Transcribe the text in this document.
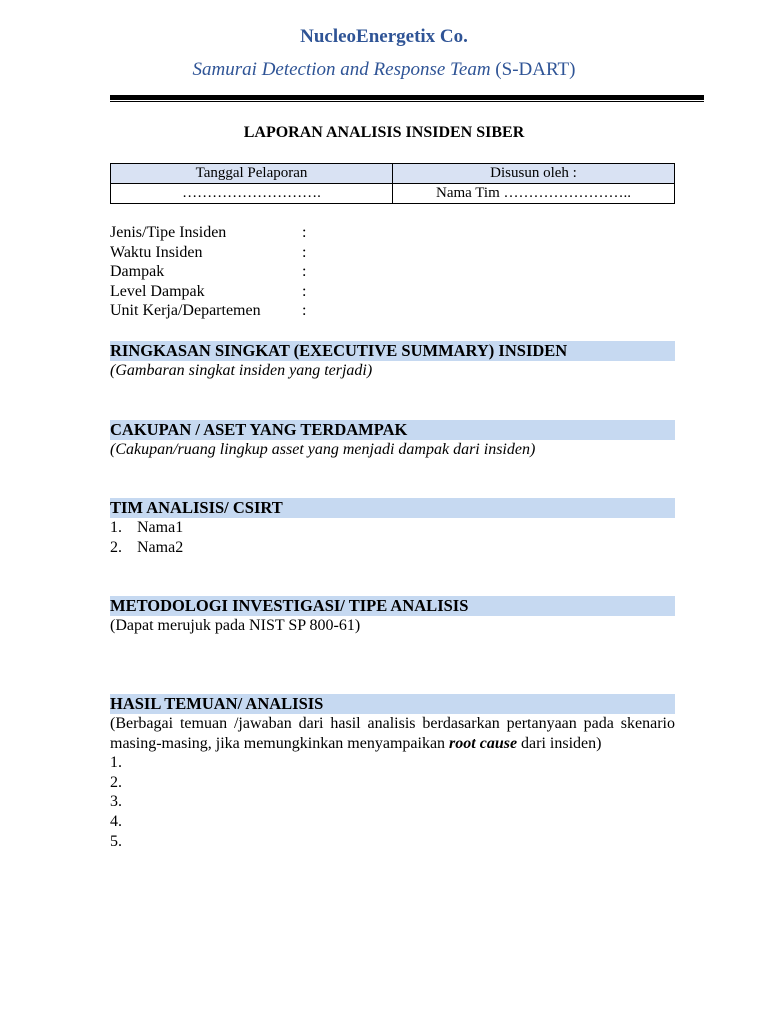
NucleoEnergetix Co.
Samurai Detection and Response Team (S-DART)
LAPORAN ANALISIS INSIDEN SIBER
Tanggal Pelaporan	Disusun oleh :
……………………….	Nama Tim ……………………..
Jenis/Tipe Insiden	:
Waktu Insiden	:
Dampak	:
Level Dampak	:
Unit Kerja/Departemen	:
RINGKASAN SINGKAT (EXECUTIVE SUMMARY) INSIDEN
(Gambaran singkat insiden yang terjadi)
CAKUPAN / ASET YANG TERDAMPAK
(Cakupan/ruang lingkup asset yang menjadi dampak dari insiden)
TIM ANALISIS/ CSIRT
1. Nama1
2. Nama2
METODOLOGI INVESTIGASI/ TIPE ANALISIS
(Dapat merujuk pada NIST SP 800-61)
HASIL TEMUAN/ ANALISIS
(Berbagai temuan /jawaban dari hasil analisis berdasarkan pertanyaan pada skenario masing-masing, jika memungkinkan menyampaikan root cause dari insiden)
1.
2.
3.
4.
5.
